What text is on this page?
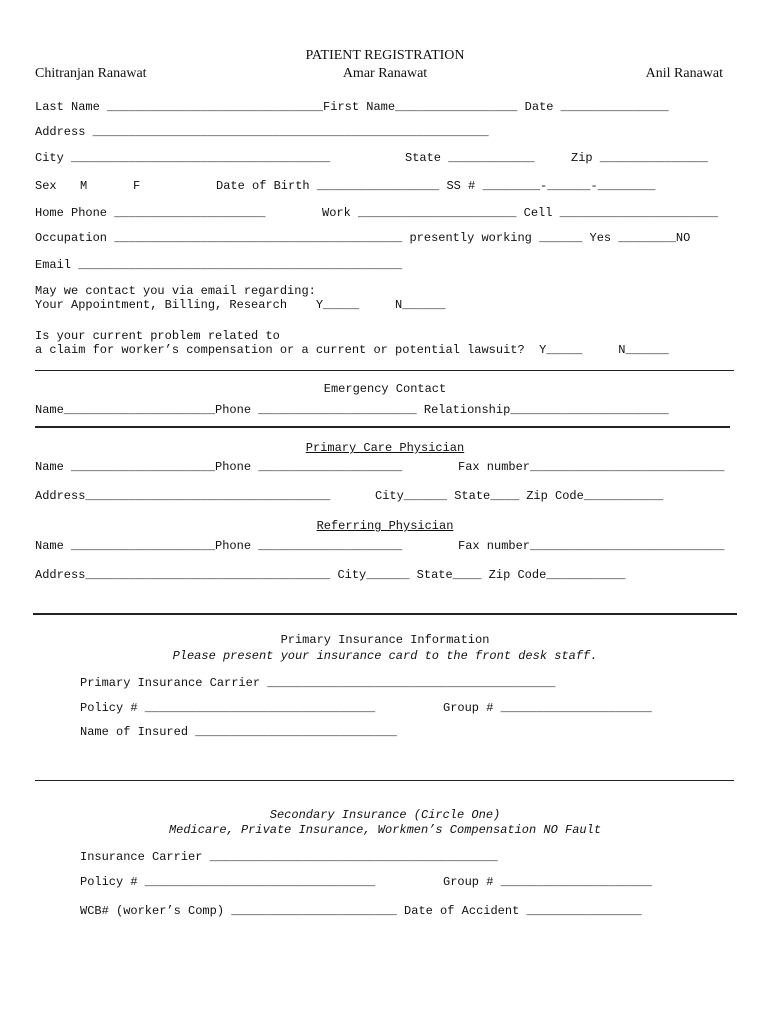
PATIENT REGISTRATION
Chitranjan Ranawat	Amar Ranawat	Anil Ranawat
Last Name ______________________________First Name_________________ Date _______________
Address _______________________________________________________
City ____________________________________	State ____________	Zip _______________
Sex M	F	Date of Birth _________________ SS # ________-______-________
Home Phone _____________________	Work ______________________ Cell ______________________
Occupation ________________________________________ presently working ______ Yes ________NO
Email _____________________________________________
May we contact you via email regarding:
Your Appointment, Billing, Research    Y_____     N______
Is your current problem related to
a claim for worker’s compensation or a current or potential lawsuit?  Y_____     N______
Emergency Contact
Name_____________________Phone ______________________ Relationship______________________
Primary Care Physician
Name ____________________Phone ____________________	Fax number___________________________
Address__________________________________	City______ State____ Zip Code___________
Referring Physician
Name ____________________Phone ____________________	Fax number___________________________
Address__________________________________ City______ State____ Zip Code___________
Primary Insurance Information
Please present your insurance card to the front desk staff.
Primary Insurance Carrier ________________________________________
Policy # ________________________________	Group # _____________________
Name of Insured ____________________________
Secondary Insurance (Circle One)
Medicare, Private Insurance, Workmen’s Compensation NO Fault
Insurance Carrier ________________________________________
Policy # ________________________________	Group # _____________________
WCB# (worker’s Comp) _______________________ Date of Accident ________________
